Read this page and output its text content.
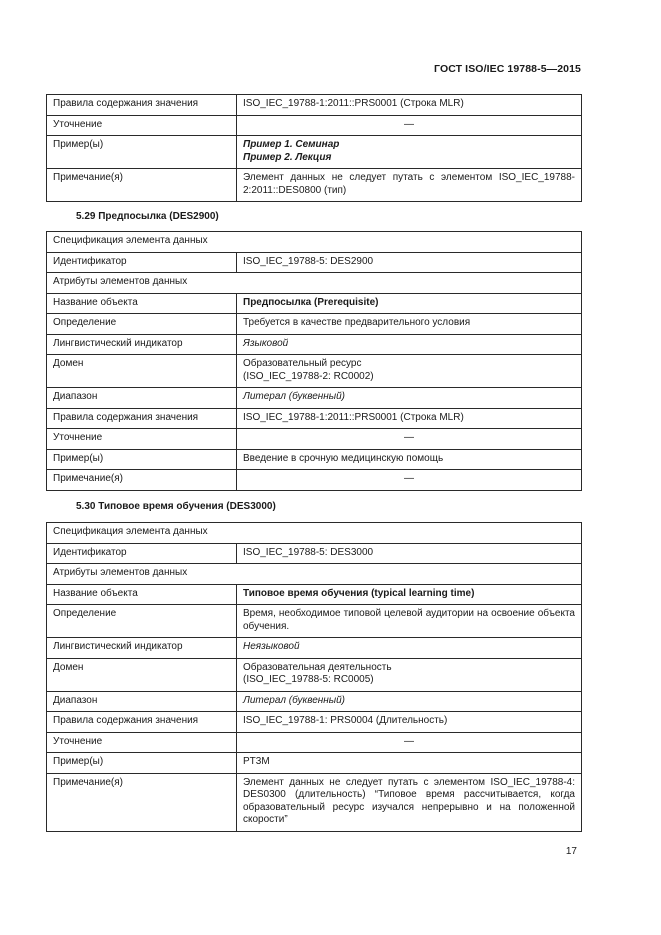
ГОСТ ISO/IEC 19788-5—2015
Правила содержания значения	ISO_IEC_19788-1:2011::PRS0001 (Строка MLR)
Уточнение	—
Пример(ы)	Пример 1. Семинар
Пример 2. Лекция

Примечание(я)	Элемент данных не следует путать с элементом ISO_IEC_19788- 2:2011::DES0800 (тип)
5.29 Предпосылка (DES2900)
Спецификация элемента данных	
Идентификатор	ISO_IEC_19788-5: DES2900
Атрибуты элементов данных	
Название объекта	Предпосылка (Prerequisite)
Определение	Требуется в качестве предварительного условия
Лингвистический индикатор	Языковой
Домен	Образовательный ресурс
(ISO_IEC_19788-2: RC0002)

Диапазон	Литерал (буквенный)
Правила содержания значения	ISO_IEC_19788-1:2011::PRS0001 (Строка MLR)
Уточнение	—
Пример(ы)	Введение в срочную медицинскую помощь
Примечание(я)	—
5.30 Типовое время обучения (DES3000)
Спецификация элемента данных	
Идентификатор	ISO_IEC_19788-5: DES3000
Атрибуты элементов данных	
Название объекта	Типовое время обучения (typical learning time)
Определение	Время, необходимое типовой целевой аудитории на освоение объекта обучения.
Лингвистический индикатор	Неязыковой
Домен	Образовательная деятельность
(ISO_IEC_19788-5: RC0005)

Диапазон	Литерал (буквенный)
Правила содержания значения	ISO_IEC_19788-1: PRS0004 (Длительность)
Уточнение	—
Пример(ы)	PT3M
Примечание(я)	Элемент данных не следует путать с элементом ISO_IEC_19788-4: DES0300 (длительность) “Типовое время рассчитывается, когда образовательный ресурс изучался непрерывно и на положенной скорости”
17
